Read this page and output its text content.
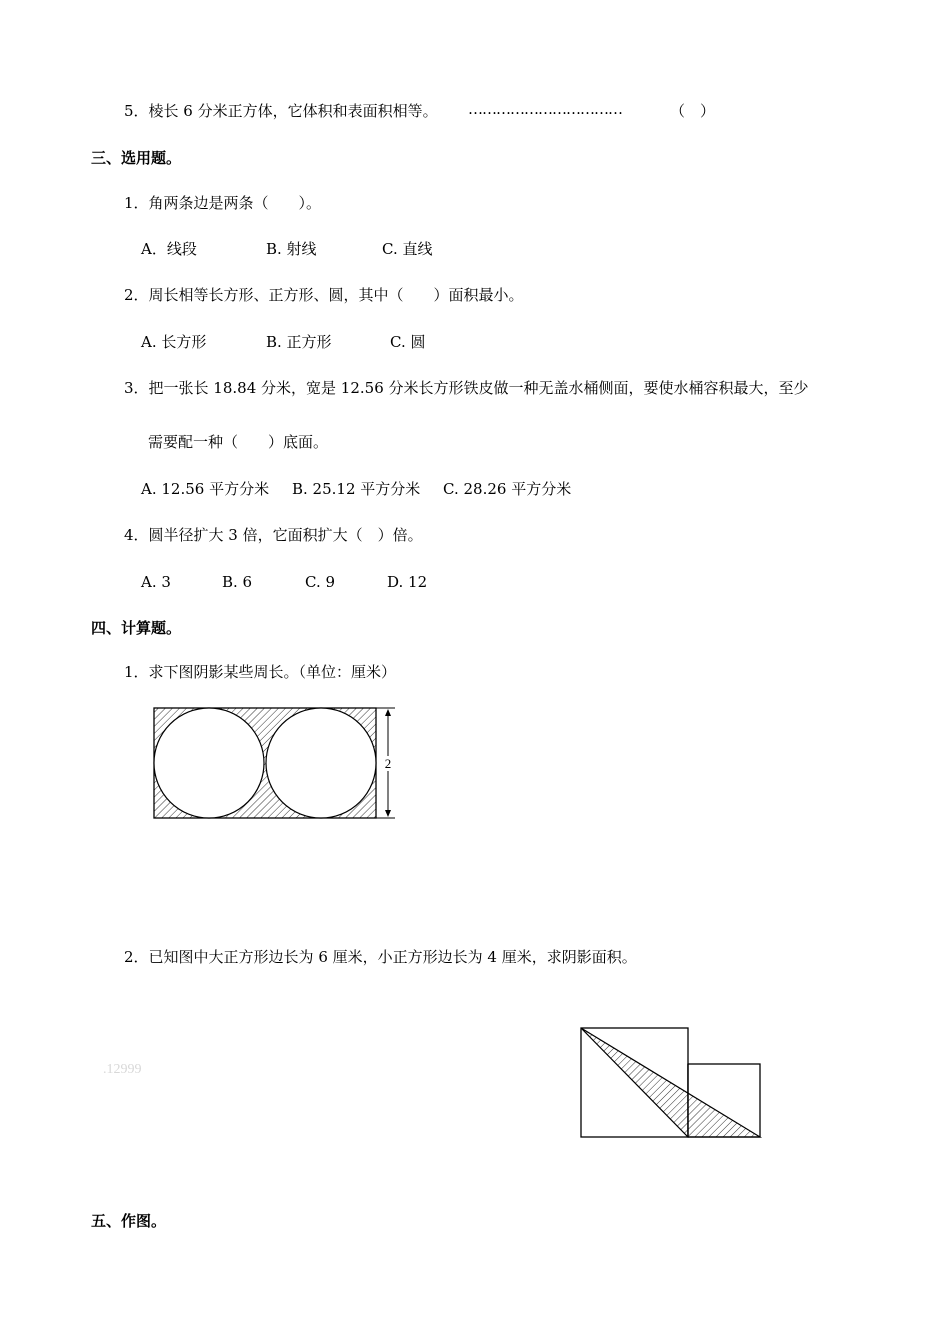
5．棱长 6 分米正方体，它体积和表面积相等。 ……………………………	（　）
三、选用题。
1．角两条边是两条（　　）。
A．线段	B. 射线	C. 直线
2．周长相等长方形、正方形、圆，其中（　　）面积最小。
A. 长方形	B. 正方形	C. 圆
3．把一张长 18.84 分米，宽是 12.56 分米长方形铁皮做一种无盖水桶侧面，要使水桶容积最大，至少
需要配一种（　　）底面。
A. 12.56 平方分米 B. 25.12 平方分米 C. 28.26 平方分米
4．圆半径扩大 3 倍，它面积扩大（　）倍。
A. 3	B. 6	C. 9	D. 12
四、计算题。
1．求下图阴影某些周长。（单位：厘米）
2
2．已知图中大正方形边长为 6 厘米，小正方形边长为 4 厘米，求阴影面积。
.12999
五、作图。
